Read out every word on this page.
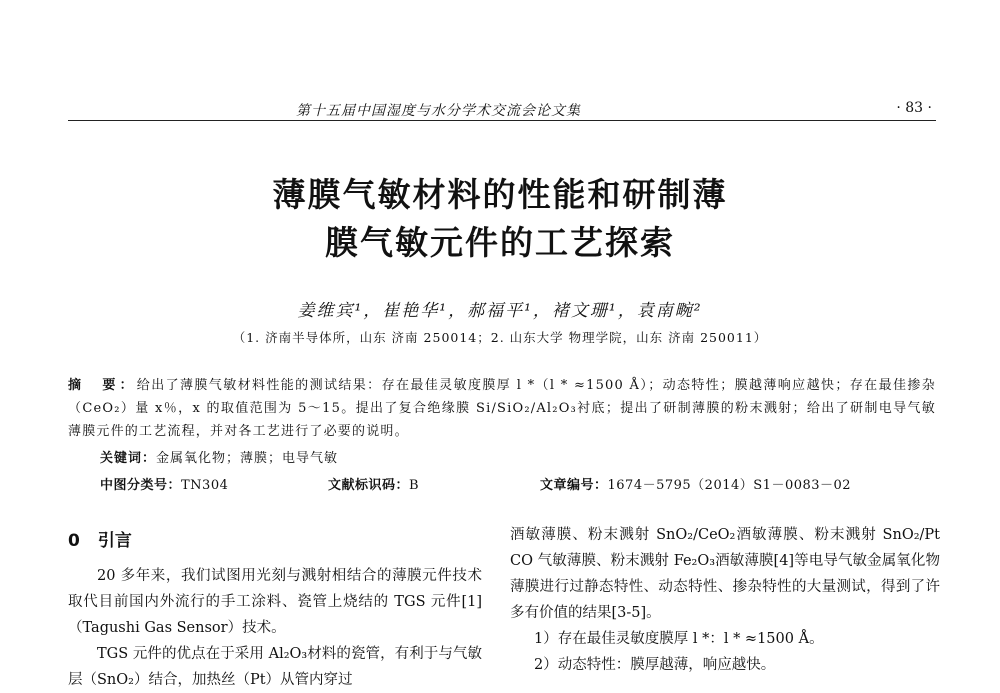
第十五届中国湿度与水分学术交流会论文集	· 83 ·
薄膜气敏材料的性能和研制薄
膜气敏元件的工艺探索
姜维宾¹，崔艳华¹，郝福平¹，褚文珊¹，袁南畹²
（1. 济南半导体所，山东 济南 250014；2. 山东大学 物理学院，山东 济南 250011）
摘　要：给出了薄膜气敏材料性能的测试结果：存在最佳灵敏度膜厚 l *（l * ≈1500 Å）；动态特性；膜越薄响应越快；存在最佳掺杂（CeO₂）量 x％，x 的取值范围为 5～15。提出了复合绝缘膜 Si/SiO₂/Al₂O₃衬底；提出了研制薄膜的粉末溅射；给出了研制电导气敏薄膜元件的工艺流程，并对各工艺进行了必要的说明。
关键词：金属氧化物；薄膜；电导气敏
中图分类号：TN304	文献标识码：B	文章编号：1674－5795（2014）S1－0083－02
0 引言

20 多年来，我们试图用光刻与溅射相结合的薄膜元件技术取代目前国内外流行的手工涂料、瓷管上烧结的 TGS 元件[1]（Tagushi Gas Sensor）技术。

TGS 元件的优点在于采用 Al₂O₃材料的瓷管，有利于与气敏层（SnO₂）结合，加热丝（Pt）从管内穿过

酒敏薄膜、粉末溅射 SnO₂/CeO₂酒敏薄膜、粉末溅射 SnO₂/Pt CO 气敏薄膜、粉末溅射 Fe₂O₃酒敏薄膜[4]等电导气敏金属氧化物薄膜进行过静态特性、动态特性、掺杂特性的大量测试，得到了许多有价值的结果[3-5]。

1）存在最佳灵敏度膜厚 l *：l * ≈1500 Å。

2）动态特性：膜厚越薄，响应越快。
